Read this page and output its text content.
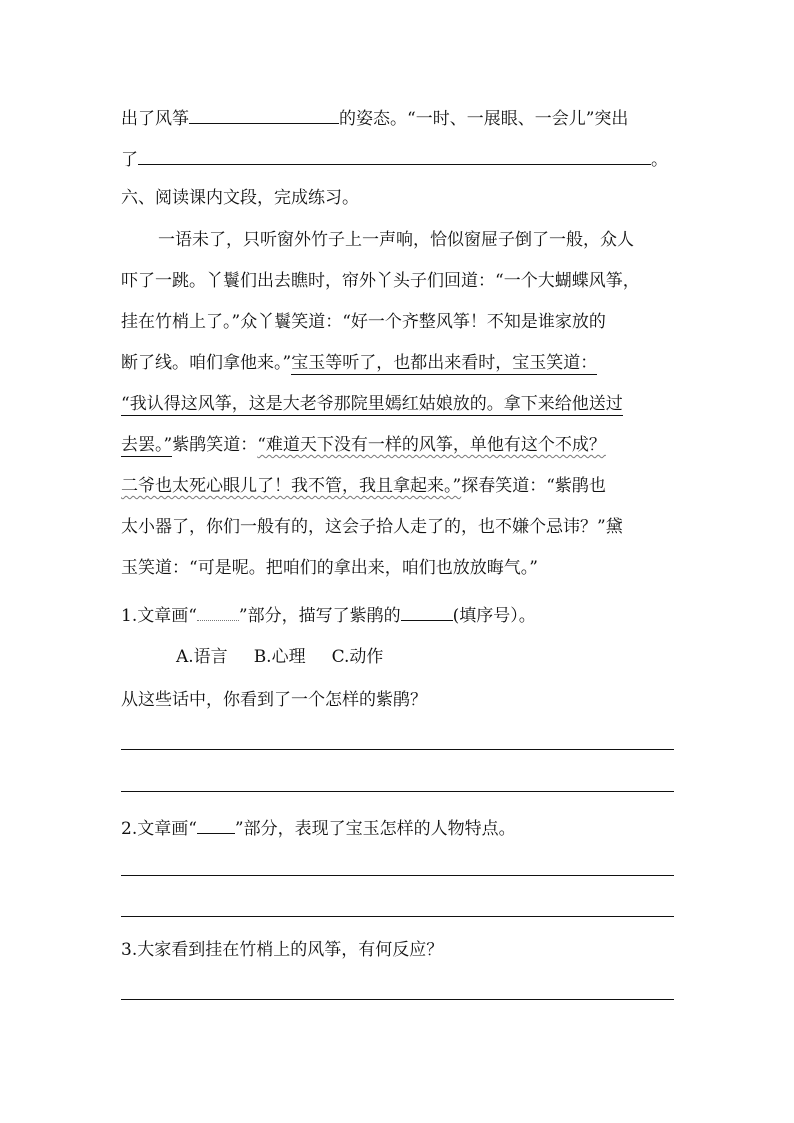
出了风筝	的姿态。“一时、一展眼、一会儿”突出
了	。
六、阅读课内文段，完成练习。
一语未了，只听窗外竹子上一声响，恰似窗屉子倒了一般，众人
吓了一跳。丫鬟们出去瞧时，帘外丫头子们回道：“一个大蝴蝶风筝，
挂在竹梢上了。”众丫鬟笑道：“好一个齐整风筝！不知是谁家放的
断了线。咱们拿他来。”宝玉等听了，也都出来看时，宝玉笑道：
“我认得这风筝，这是大老爷那院里嫣红姑娘放的。拿下来给他送过
去罢。”紫鹃笑道：“难道天下没有一样的风筝，单他有这个不成？
二爷也太死心眼儿了！我不管，我且拿起来。”探春笑道：“紫鹃也
太小器了，你们一般有的，这会子拾人走了的，也不嫌个忌讳？”黛
玉笑道：“可是呢。把咱们的拿出来，咱们也放放晦气。”
1.文章画“ ”部分，描写了紫鹃的	(填序号）。
A.语言 B.心理 C.动作
从这些话中，你看到了一个怎样的紫鹃？
2.文章画“ ”部分，表现了宝玉怎样的人物特点。
3.大家看到挂在竹梢上的风筝，有何反应？
